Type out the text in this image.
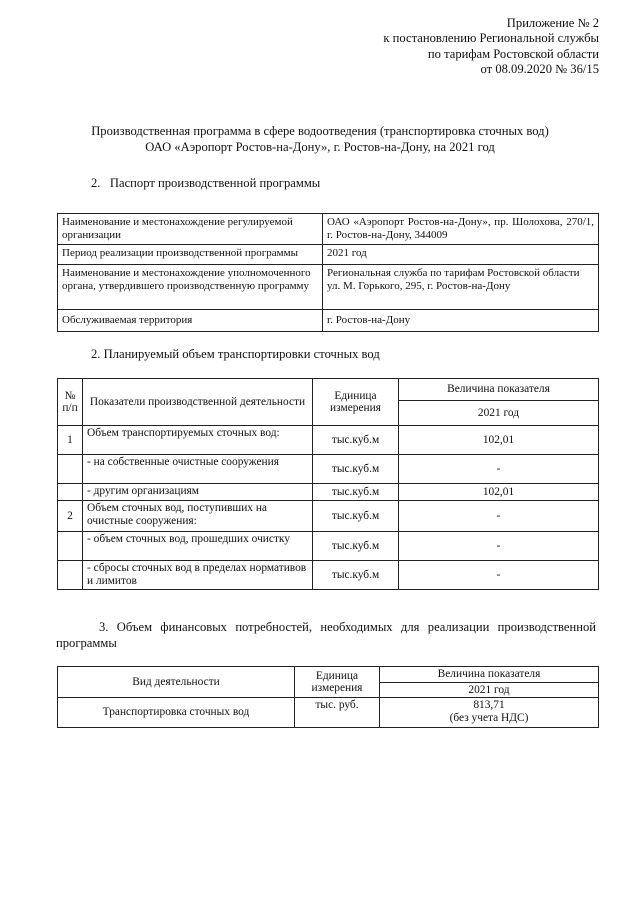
Приложение № 2
к постановлению Региональной службы
по тарифам Ростовской области
от 08.09.2020 № 36/15
Производственная программа в сфере водоотведения (транспортировка сточных вод)
ОАО «Аэропорт Ростов-на-Дону», г. Ростов-на-Дону, на 2021 год
2. Паспорт производственной программы
Наименование и местонахождение регулируемой организации	ОАО «Аэропорт Ростов-на-Дону», пр. Шолохова, 270/1, г. Ростов-на-Дону, 344009
Период реализации производственной программы	2021 год
Наименование и местонахождение уполномоченного органа, утвердившего производственную программу	Региональная служба по тарифам Ростовской области
ул. М. Горького, 295, г. Ростов-на-Дону

Обслуживаемая территория	г. Ростов-на-Дону
2. Планируемый объем транспортировки сточных вод
№ п/п	Показатели производственной деятельности	Единица измерения	Величина показателя
			2021 год
1	Объем транспортируемых сточных вод:	тыс.куб.м	102,01
	- на собственные очистные сооружения	тыс.куб.м	-
	- другим организациям	тыс.куб.м	102,01
2	Объем сточных вод, поступивших на очистные сооружения:	тыс.куб.м	-
	- объем сточных вод, прошедших очистку	тыс.куб.м	-
	- сбросы сточных вод в пределах нормативов и лимитов	тыс.куб.м	-
3. Объем финансовых потребностей, необходимых для реализации производственной
программы
Вид деятельности	Единица измерения	Величина показателя
		2021 год
Транспортировка сточных вод	тыс. руб.	813,71
(без учета НДС)
